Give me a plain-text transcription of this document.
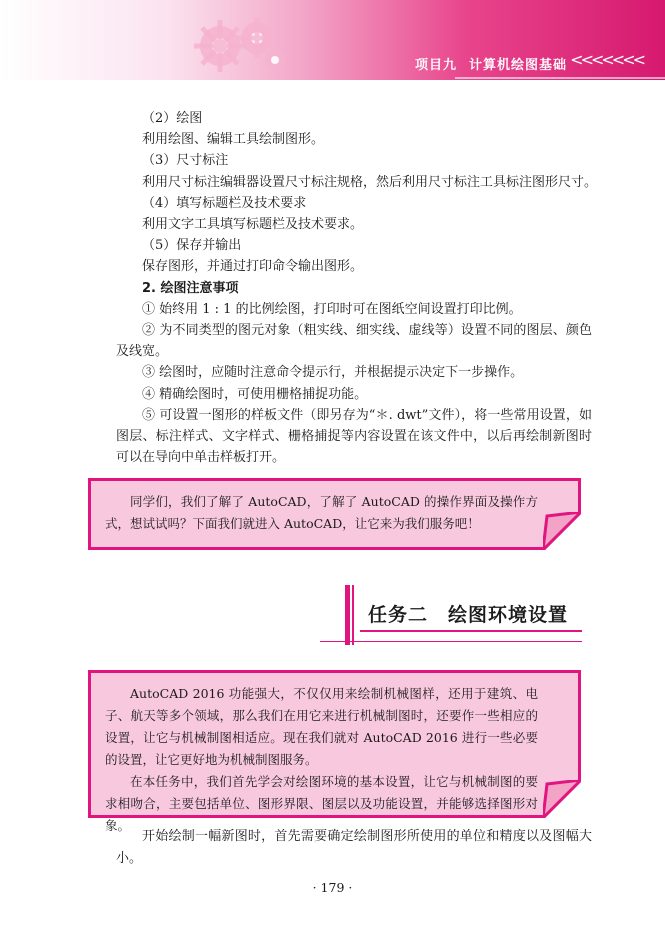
项目九 计算机绘图基础 <<<<<<<
（2）绘图
利用绘图、编辑工具绘制图形。
（3）尺寸标注
利用尺寸标注编辑器设置尺寸标注规格，然后利用尺寸标注工具标注图形尺寸。
（4）填写标题栏及技术要求
利用文字工具填写标题栏及技术要求。
（5）保存并输出
保存图形，并通过打印命令输出图形。
2. 绘图注意事项
① 始终用 1 : 1 的比例绘图，打印时可在图纸空间设置打印比例。
② 为不同类型的图元对象（粗实线、细实线、虚线等）设置不同的图层、颜色及线宽。
③ 绘图时，应随时注意命令提示行，并根据提示决定下一步操作。
④ 精确绘图时，可使用栅格捕捉功能。
⑤ 可设置一图形的样板文件（即另存为“＊. dwt”文件），将一些常用设置，如图层、标注样式、文字样式、栅格捕捉等内容设置在该文件中，以后再绘制新图时可以在导向中单击样板打开。

同学们，我们了解了 AutoCAD，了解了 AutoCAD 的操作界面及操作方式，想试试吗？下面我们就进入 AutoCAD，让它来为我们服务吧！

任务二 绘图环境设置

AutoCAD 2016 功能强大，不仅仅用来绘制机械图样，还用于建筑、电子、航天等多个领域，那么我们在用它来进行机械制图时，还要作一些相应的设置，让它与机械制图相适应。现在我们就对 AutoCAD 2016 进行一些必要的设置，让它更好地为机械制图服务。

在本任务中，我们首先学会对绘图环境的基本设置，让它与机械制图的要求相吻合，主要包括单位、图形界限、图层以及功能设置，并能够选择图形对象。

开始绘制一幅新图时，首先需要确定绘制图形所使用的单位和精度以及图幅大小。
· 179 ·
